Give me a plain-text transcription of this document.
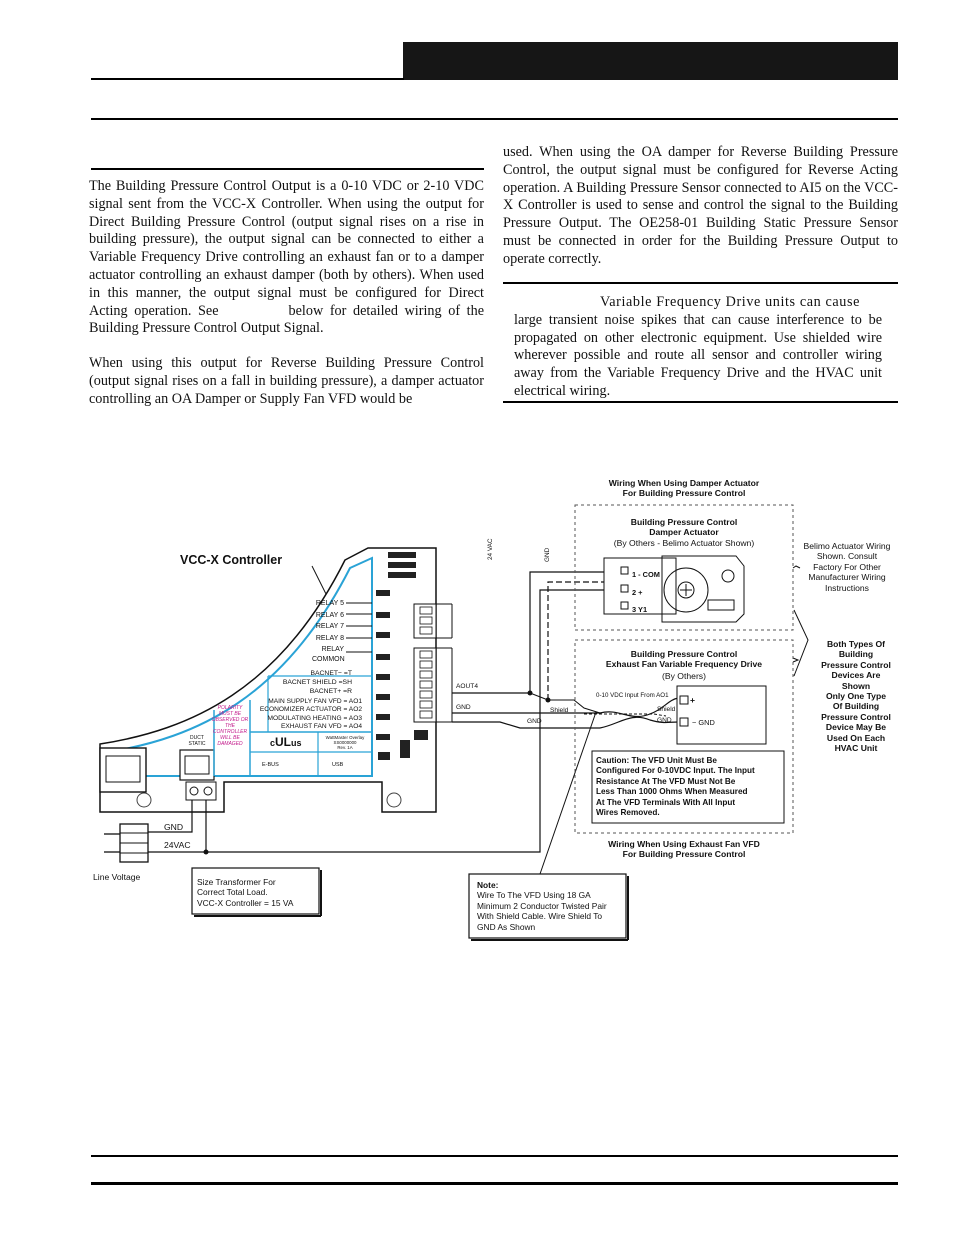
The Building Pressure Control Output is a 0-10 VDC or 2-10 VDC signal sent from the VCC-X Controller. When using the output for Direct Building Pressure Control (output signal rises on a rise in building pressure), the output signal can be connected to either a Variable Frequency Drive controlling an exhaust fan or to a damper actuator controlling an exhaust damper (both by others). When used in this manner, the output signal must be configured for Direct Acting operation. See	below for detailed wiring of the Building Pressure Control Output Signal.

When using this output for Reverse Building Pressure Control (output signal rises on a fall in building pressure), a damper actuator controlling an OA Damper or Supply Fan VFD would be

used. When using the OA damper for Reverse Building Pressure Control, the output signal must be configured for Reverse Acting operation. A Building Pressure Sensor connected to AI5 on the VCC-X Controller is used to sense and control the signal to the Building Pressure Output. The OE258-01 Building Static Pressure Sensor must be connected in order for the Building Pressure Output to operate correctly.

Variable Frequency Drive units can cause
large transient noise spikes that can cause interference to be propagated on other electronic equipment. Use shielded wire wherever possible and route all sensor and controller wiring away from the Variable Frequency Drive and the HVAC unit electrical wiring.
VCC-X Controller
RELAY 5
RELAY 6
RELAY 7
RELAY 8
RELAY
COMMON
BACNET− =T
BACNET SHIELD =SH
BACNET+ =R
MAIN SUPPLY FAN VFD = AO1
ECONOMIZER ACTUATOR = AO2
MODULATING HEATING = AO3
EXHAUST FAN VFD = AO4
POLARITY
MUST BE
OBSERVED OR
THE
CONTROLLER
WILL BE
DAMAGED
DUCT
STATIC	cULus
WattMaster Overlay
SS0000000
Rev. 1A
E-BUS	USB
GND
24VAC
Line Voltage	Size Transformer For
Correct Total Load.
VCC-X Controller = 15 VA
AOUT4
GND
GND
Shield
24 VAC	GND
Wiring When Using Damper Actuator
For Building Pressure Control
Building Pressure Control
Damper Actuator
(By Others - Belimo Actuator Shown)
1 - COM
2 +
3 Y1
Belimo Actuator Wiring
Shown. Consult
Factory For Other
Manufacturer Wiring
Instructions
Both Types Of
Building
Pressure Control
Devices Are
Shown
Only One Type
Of Building
Pressure Control
Device May Be
Used On Each
HVAC Unit
Building Pressure Control
Exhaust Fan Variable Frequency Drive
(By Others)
0-10 VDC Input From AO1 +
− GND
Shield
GND
Caution: The VFD Unit Must Be
Configured For 0-10VDC Input. The Input
Resistance At The VFD Must Not Be
Less Than 1000 Ohms When Measured
At The VFD Terminals With All Input
Wires Removed.
Wiring When Using Exhaust Fan VFD
For Building Pressure Control
Note:
Wire To The VFD Using 18 GA
Minimum 2 Conductor Twisted Pair
With Shield Cable. Wire Shield To
GND As Shown
